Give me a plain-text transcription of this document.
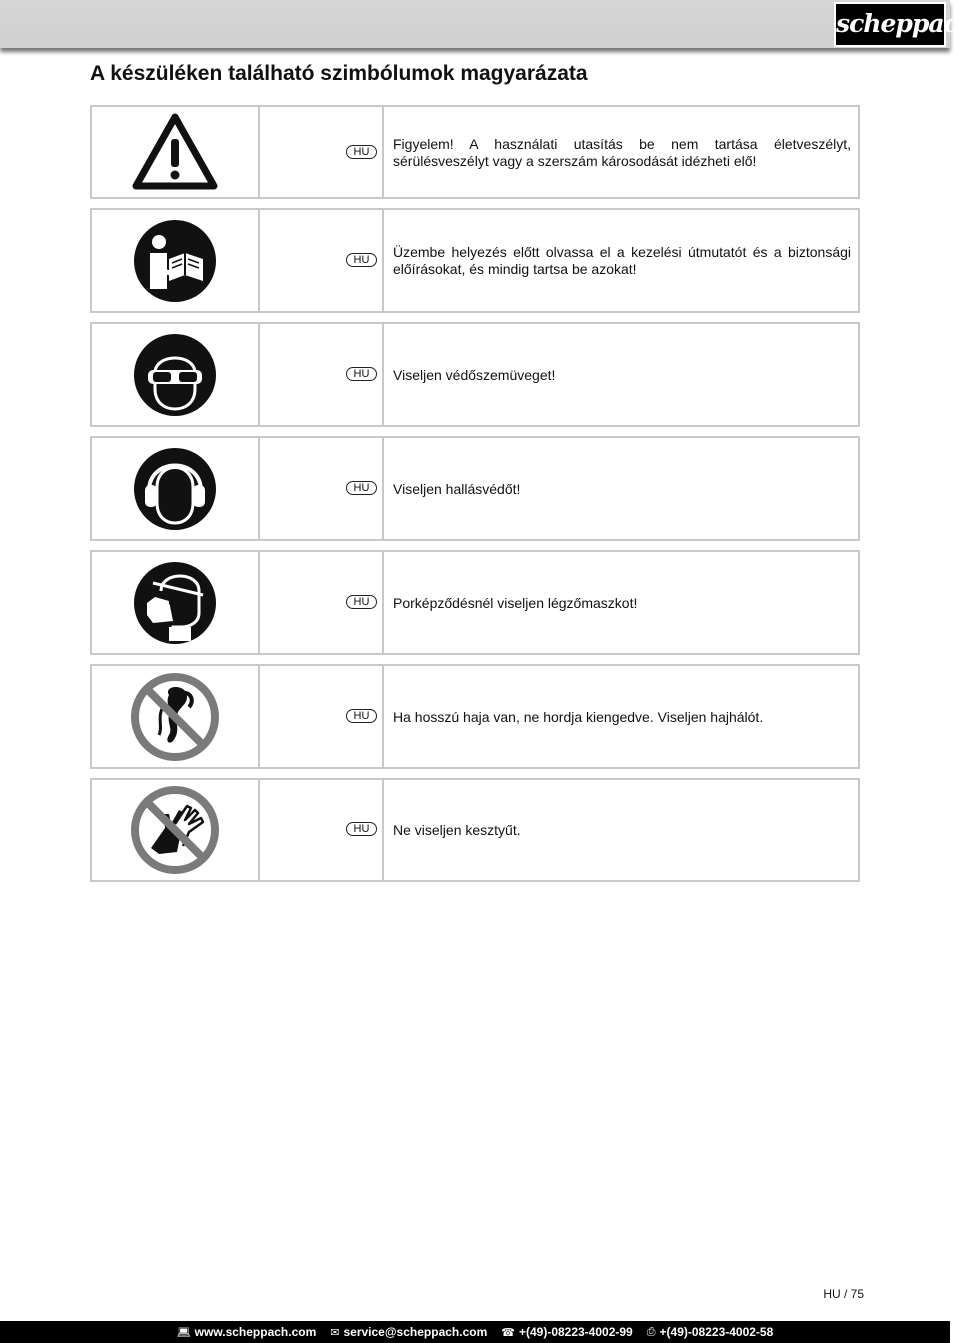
scheppach
A készüléken található szimbólumok magyarázata
HU	Figyelem! A használati utasítás be nem tartása életveszélyt, sérülésveszélyt vagy a szerszám károsodását idézheti elő!
HU	Üzembe helyezés előtt olvassa el a kezelési útmutatót és a biztonsági előírásokat, és mindig tartsa be azokat!
HU	Viseljen védőszemüveget!
HU	Viseljen hallásvédőt!
HU	Porképződésnél viseljen légzőmaszkot!
HU	Ha hosszú haja van, ne hordja kiengedve. Viseljen hajhálót.
HU	Ne viseljen kesztyűt.
HU / 75
💻︎ www.scheppach.com ✉ service@scheppach.com ☎ +(49)-08223-4002-99 ⎙ +(49)-08223-4002-58
